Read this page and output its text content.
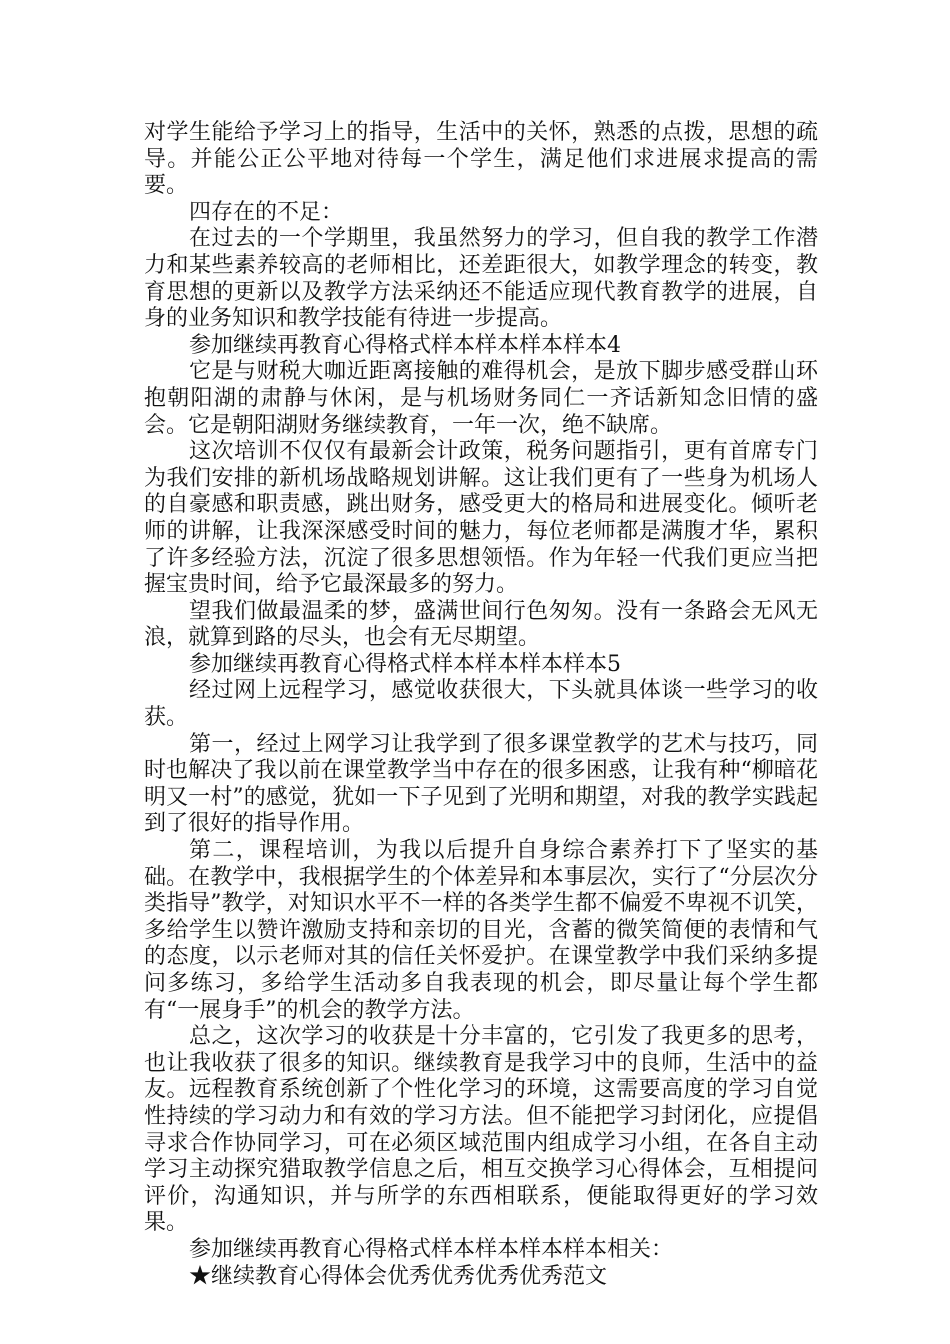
对学生能给予学习上的指导，生活中的关怀，熟悉的点拨，思想的疏导。并能公正公平地对待每一个学生，满足他们求进展求提高的需要。

四存在的不足：

在过去的一个学期里，我虽然努力的学习，但自我的教学工作潜力和某些素养较高的老师相比，还差距很大，如教学理念的转变，教育思想的更新以及教学方法采纳还不能适应现代教育教学的进展，自身的业务知识和教学技能有待进一步提高。

参加继续再教育心得格式样本样本样本样本4

它是与财税大咖近距离接触的难得机会，是放下脚步感受群山环抱朝阳湖的肃静与休闲，是与机场财务同仁一齐话新知念旧情的盛会。它是朝阳湖财务继续教育，一年一次，绝不缺席。

这次培训不仅仅有最新会计政策，税务问题指引，更有首席专门为我们安排的新机场战略规划讲解。这让我们更有了一些身为机场人的自豪感和职责感，跳出财务，感受更大的格局和进展变化。倾听老师的讲解，让我深深感受时间的魅力，每位老师都是满腹才华，累积了许多经验方法，沉淀了很多思想领悟。作为年轻一代我们更应当把握宝贵时间，给予它最深最多的努力。

望我们做最温柔的梦，盛满世间行色匆匆。没有一条路会无风无浪，就算到路的尽头，也会有无尽期望。

参加继续再教育心得格式样本样本样本样本5

经过网上远程学习，感觉收获很大，下头就具体谈一些学习的收获。

第一，经过上网学习让我学到了很多课堂教学的艺术与技巧，同时也解决了我以前在课堂教学当中存在的很多困惑，让我有种“柳暗花明又一村”的感觉，犹如一下子见到了光明和期望，对我的教学实践起到了很好的指导作用。

第二，课程培训，为我以后提升自身综合素养打下了坚实的基础。在教学中，我根据学生的个体差异和本事层次，实行了“分层次分类指导”教学，对知识水平不一样的各类学生都不偏爱不卑视不讥笑，多给学生以赞许激励支持和亲切的目光，含蓄的微笑简便的表情和气的态度，以示老师对其的信任关怀爱护。在课堂教学中我们采纳多提问多练习，多给学生活动多自我表现的机会，即尽量让每个学生都有“一展身手”的机会的教学方法。

总之，这次学习的收获是十分丰富的，它引发了我更多的思考，也让我收获了很多的知识。继续教育是我学习中的良师，生活中的益友。远程教育系统创新了个性化学习的环境，这需要高度的学习自觉性持续的学习动力和有效的学习方法。但不能把学习封闭化，应提倡寻求合作协同学习，可在必须区域范围内组成学习小组，在各自主动学习主动探究猎取教学信息之后，相互交换学习心得体会，互相提问评价，沟通知识，并与所学的东西相联系，便能取得更好的学习效果。

参加继续再教育心得格式样本样本样本样本相关：

★继续教育心得体会优秀优秀优秀优秀范文
